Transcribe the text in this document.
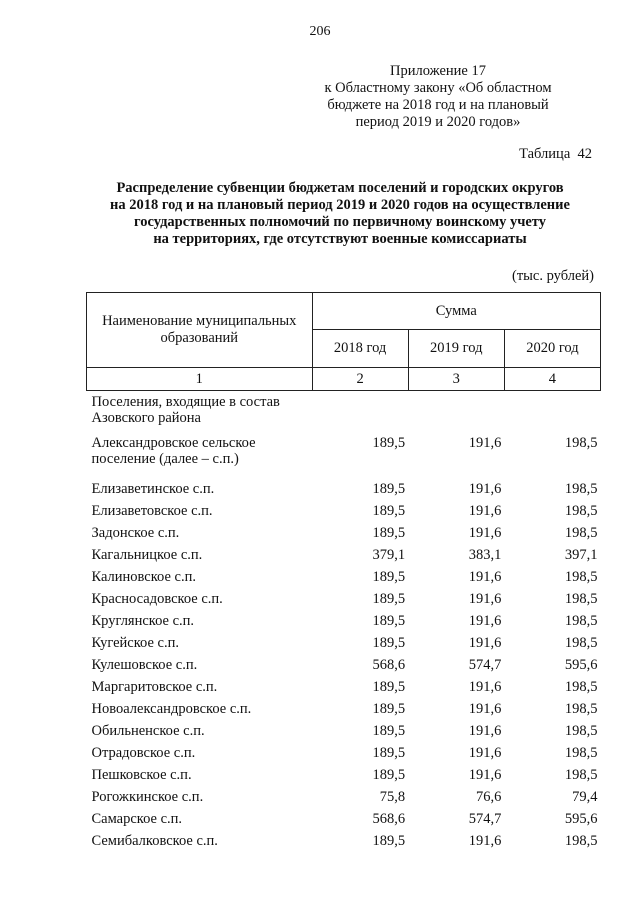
206
Приложение 17
к Областному закону «Об областном
бюджете на 2018 год и на плановый
период 2019 и 2020 годов»
Таблица  42
Распределение субвенции бюджетам поселений и городских округов
на 2018 год и на плановый период 2019 и 2020 годов на осуществление
государственных полномочий по первичному воинскому учету
на территориях, где отсутствуют военные комиссариаты
(тыс. рублей)
Наименование муниципальных
образований	Сумма		
	2018 год	2019 год	2020 год
1	2	3	4

Поселения, входящие в состав
Азовского района			

Александровское сельское
поселение (далее – с.п.)	189,5	191,6	198,5

Елизаветинское с.п.	189,5	191,6	198,5

Елизаветовское с.п.	189,5	191,6	198,5

Задонское с.п.	189,5	191,6	198,5

Кагальницкое с.п.	379,1	383,1	397,1

Калиновское с.п.	189,5	191,6	198,5

Красносадовское с.п.	189,5	191,6	198,5

Круглянское с.п.	189,5	191,6	198,5

Кугейское с.п.	189,5	191,6	198,5

Кулешовское с.п.	568,6	574,7	595,6

Маргаритовское с.п.	189,5	191,6	198,5

Новоалександровское с.п.	189,5	191,6	198,5

Обильненское с.п.	189,5	191,6	198,5

Отрадовское с.п.	189,5	191,6	198,5

Пешковское с.п.	189,5	191,6	198,5

Рогожкинское с.п.	75,8	76,6	79,4

Самарское с.п.	568,6	574,7	595,6

Семибалковское с.п.	189,5	191,6	198,5
